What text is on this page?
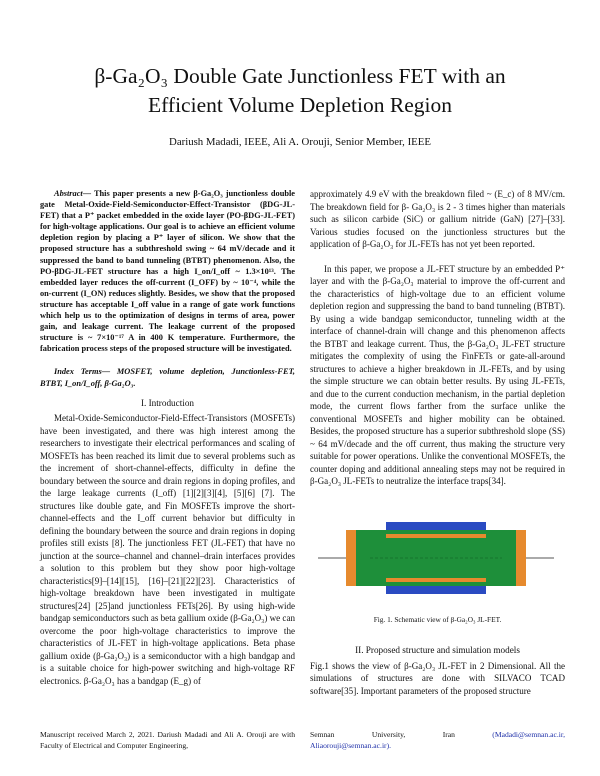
β-Ga₂O₃ Double Gate Junctionless FET with an
Efficient Volume Depletion Region
Dariush Madadi, IEEE, Ali A. Orouji, Senior Member, IEEE

Abstract— This paper presents a new β-Ga₂O₃ junctionless double gate Metal-Oxide-Field-Semiconductor-Effect-Transistor (βDG-JL-FET) that a P⁺ packet embedded in the oxide layer (PO-βDG-JL-FET) for high-voltage applications. Our goal is to achieve an efficient volume depletion region by placing a P⁺ layer of silicon. We show that the proposed structure has a subthreshold swing ~ 64 mV/decade and it suppressed the band to band tunneling (BTBT) phenomenon. Also, the PO-βDG-JL-FET structure has a high I_on/I_off ~ 1.3×10¹³. The embedded layer reduces the off-current (I_OFF) by ~ 10⁻⁴, while the on-current (I_ON) reduces slightly. Besides, we show that the proposed structure has acceptable I_off value in a range of gate work functions which help us to the optimization of designs in terms of area, power gain, and leakage current. The leakage current of the proposed structure is ~ 7×10⁻¹⁷ A in 400 K temperature. Furthermore, the fabrication process steps of the proposed structure will be investigated.

Index Terms— MOSFET, volume depletion, Junctionless-FET, BTBT, I_on/I_off, β-Ga₂O₃.

I. Introduction

Metal-Oxide-Semiconductor-Field-Effect-Transistors (MOSFETs) have been investigated, and there was high interest among the researchers to investigate their electrical performances and scaling of MOSFETs has been reached its limit due to several problems such as the increment of short-channel-effects, difficulty in define the boundary between the source and drain regions in doping profiles, and the large leakage currents (I_off) [1][2][3][4], [5][6] [7]. The structures like double gate, and Fin MOSFETs improve the short-channel-effects and the I_off current behavior but difficulty in defining the boundary between the source and drain regions in doping profiles still exists [8]. The junctionless FET (JL-FET) that have no junction at the source–channel and channel–drain interfaces provides a solution to this problem but they show poor high-voltage characteristics[9]–[14][15], [16]–[21][22][23]. Characteristics of high-voltage breakdown have been investigated in multigate structures[24] [25]and junctionless FETs[26]. By using high-wide bandgap semiconductors such as beta gallium oxide (β-Ga₂O₃) we can overcome the poor high-voltage characteristics to improve the characteristics of JL-FET in high-voltage applications. Beta phase gallium oxide (β-Ga₂O₃) is a semiconductor with a high bandgap and is a suitable choice for high-power switching and high-voltage RF electronics. β-Ga₂O₃ has a bandgap (E_g) of

approximately 4.9 eV with the breakdown filed ~ (E_c) of 8 MV/cm. The breakdown field for β- Ga₂O₃ is 2 - 3 times higher than materials such as silicon carbide (SiC) or gallium nitride (GaN) [27]–[33]. Various studies focused on the junctionless structures but the application of β-Ga₂O₃ for JL-FETs has not yet been reported.

In this paper, we propose a JL-FET structure by an embedded P⁺ layer and with the β-Ga₂O₃ material to improve the off-current and the characteristics of high-voltage due to an efficient volume depletion region and suppressing the band to band tunneling (BTBT). By using a wide bandgap semiconductor, tunneling width at the interface of channel-drain will change and this phenomenon affects the BTBT and leakage current. Thus, the β-Ga₂O₃ JL-FET structure mitigates the complexity of using the FinFETs or gate-all-around structures to achieve a higher breakdown in JL-FETs, and by using the simple structure we can obtain better results. By using JL-FETs, and due to the current conduction mechanism, in the partial depletion mode, the current flows farther from the surface unlike the conventional MOSFETs and higher mobility can be obtained. Besides, the proposed structure has a superior subthreshold slope (SS) ~ 64 mV/decade and the off current, thus making the structure very suitable for power operations. Unlike the conventional MOSFETs, the counter doping and additional annealing steps may not be required in β-Ga₂O₃ JL-FETs to neutralize the interface traps[34].

Fig. 1. Schematic view of β-Ga₂O₃ JL-FET.
II. Proposed structure and simulation models

Fig.1 shows the view of β-Ga₂O₃ JL-FET in 2 Dimensional. All the simulations of structures are done with SILVACO TCAD software[35]. Important parameters of the proposed structure

Manuscript received March 2, 2021. Dariush Madadi and Ali A. Orouji are with Faculty of Electrical and Computer Engineering,
Semnan	University,	Iran	(Madadi@semnan.ac.ir,
Aliaorouji@semnan.ac.ir).
